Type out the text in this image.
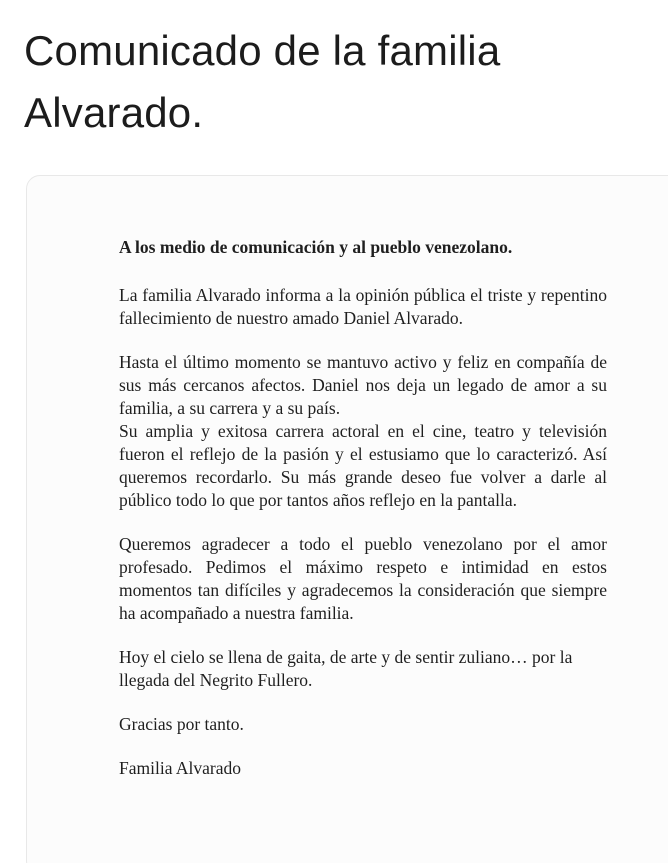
Comunicado de la familia Alvarado.

A los medio de comunicación y al pueblo venezolano.

La familia Alvarado informa a la opinión pública el triste y repentino fallecimiento de nuestro amado Daniel Alvarado.

Hasta el último momento se mantuvo activo y feliz en compañía de sus más cercanos afectos. Daniel nos deja un legado de amor a su familia, a su carrera y a su país.

Su amplia y exitosa carrera actoral en el cine, teatro y televisión fueron el reflejo de la pasión y el estusiamo que lo caracterizó. Así queremos recordarlo. Su más grande deseo fue volver a darle al público todo lo que por tantos años reflejo en la pantalla.

Queremos agradecer a todo el pueblo venezolano por el amor profesado. Pedimos el máximo respeto e intimidad en estos momentos tan difíciles y agradecemos la consideración que siempre ha acompañado a nuestra familia.

Hoy el cielo se llena de gaita, de arte y de sentir zuliano… por la llegada del Negrito Fullero.

Gracias por tanto.

Familia Alvarado
